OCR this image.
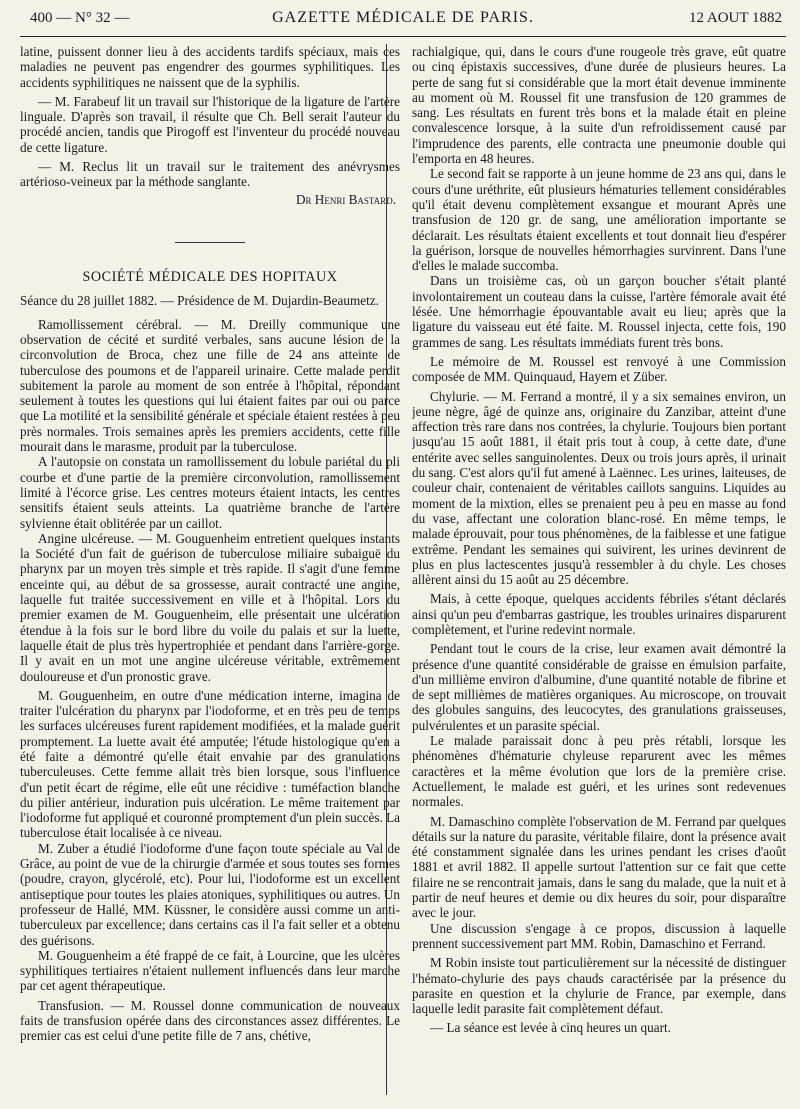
400 — N° 32 —	GAZETTE MÉDICALE DE PARIS.	12 AOUT 1882

latine, puissent donner lieu à des accidents tardifs spéciaux, mais ces maladies ne peuvent pas engendrer des gourmes syphilitiques. Les accidents syphilitiques ne naissent que de la syphilis.

— M. Farabeuf lit un travail sur l'historique de la ligature de l'artère linguale. D'après son travail, il résulte que Ch. Bell serait l'auteur du procédé ancien, tandis que Pirogoff est l'inventeur du procédé nouveau de cette ligature.

— M. Reclus lit un travail sur le traitement des anévrysmes artérioso-veineux par la méthode sanglante.

Dr Henri Bastard.
SOCIÉTÉ MÉDICALE DES HOPITAUX

Séance du 28 juillet 1882. — Présidence de M. Dujardin-Beaumetz.

Ramollissement cérébral. — M. Dreilly communique une observation de cécité et surdité verbales, sans aucune lésion de la circonvolution de Broca, chez une fille de 24 ans atteinte de tuberculose des poumons et de l'appareil urinaire. Cette malade perdit subitement la parole au moment de son entrée à l'hôpital, répondant seulement à toutes les questions qui lui étaient faites par oui ou parce que La motilité et la sensibilité générale et spéciale étaient restées à peu près normales. Trois semaines après les premiers accidents, cette fille mourait dans le marasme, produit par la tuberculose.

A l'autopsie on constata un ramollissement du lobule pariétal du pli courbe et d'une partie de la première circonvolution, ramollissement limité à l'écorce grise. Les centres moteurs étaient intacts, les centres sensitifs étaient seuls atteints. La quatrième branche de l'artère sylvienne était oblitérée par un caillot.

Angine ulcéreuse. — M. Gouguenheim entretient quelques instants la Société d'un fait de guérison de tuberculose miliaire subaiguë du pharynx par un moyen très simple et très rapide. Il s'agit d'une femme enceinte qui, au début de sa grossesse, aurait contracté une angine, laquelle fut traitée successivement en ville et à l'hôpital. Lors du premier examen de M. Gouguenheim, elle présentait une ulcération étendue à la fois sur le bord libre du voile du palais et sur la luette, laquelle était de plus très hypertrophiée et pendant dans l'arrière-gorge. Il y avait en un mot une angine ulcéreuse véritable, extrêmement douloureuse et d'un pronostic grave.

M. Gouguenheim, en outre d'une médication interne, imagina de traiter l'ulcération du pharynx par l'iodoforme, et en très peu de temps les surfaces ulcéreuses furent rapidement modifiées, et la malade guérit promptement. La luette avait été amputée; l'étude histologique qu'en a été faite a démontré qu'elle était envahie par des granulations tuberculeuses. Cette femme allait très bien lorsque, sous l'influence d'un petit écart de régime, elle eût une récidive : tuméfaction blanche du pilier antérieur, induration puis ulcération. Le même traitement par l'iodoforme fut appliqué et couronné promptement d'un plein succès. La tuberculose était localisée à ce niveau.

M. Zuber a étudié l'iodoforme d'une façon toute spéciale au Val de Grâce, au point de vue de la chirurgie d'armée et sous toutes ses formes (poudre, crayon, glycérolé, etc). Pour lui, l'iodoforme est un excellent antiseptique pour toutes les plaies atoniques, syphilitiques ou autres. Un professeur de Hallé, MM. Küssner, le considère aussi comme un anti-tuberculeux par excellence; dans certains cas il l'a fait seller et a obtenu des guérisons.

M. Gouguenheim a été frappé de ce fait, à Lourcine, que les ulcères syphilitiques tertiaires n'étaient nullement influencés dans leur marche par cet agent thérapeutique.

Transfusion. — M. Roussel donne communication de nouveaux faits de transfusion opérée dans des circonstances assez différentes. Le premier cas est celui d'une petite fille de 7 ans, chétive,

rachialgique, qui, dans le cours d'une rougeole très grave, eût quatre ou cinq épistaxis successives, d'une durée de plusieurs heures. La perte de sang fut si considérable que la mort était devenue imminente au moment où M. Roussel fit une transfusion de 120 grammes de sang. Les résultats en furent très bons et la malade était en pleine convalescence lorsque, à la suite d'un refroidissement causé par l'imprudence des parents, elle contracta une pneumonie double qui l'emporta en 48 heures.

Le second fait se rapporte à un jeune homme de 23 ans qui, dans le cours d'une uréthrite, eût plusieurs hématuries tellement considérables qu'il était devenu complètement exsangue et mourant Après une transfusion de 120 gr. de sang, une amélioration importante se déclarait. Les résultats étaient excellents et tout donnait lieu d'espérer la guérison, lorsque de nouvelles hémorrhagies survinrent. Dans l'une d'elles le malade succomba.

Dans un troisième cas, où un garçon boucher s'était planté involontairement un couteau dans la cuisse, l'artère fémorale avait été lésée. Une hémorrhagie épouvantable avait eu lieu; après que la ligature du vaisseau eut été faite. M. Roussel injecta, cette fois, 190 grammes de sang. Les résultats immédiats furent très bons.

Le mémoire de M. Roussel est renvoyé à une Commission composée de MM. Quinquaud, Hayem et Züber.

Chylurie. — M. Ferrand a montré, il y a six semaines environ, un jeune nègre, âgé de quinze ans, originaire du Zanzibar, atteint d'une affection très rare dans nos contrées, la chylurie. Toujours bien portant jusqu'au 15 août 1881, il était pris tout à coup, à cette date, d'une entérite avec selles sanguinolentes. Deux ou trois jours après, il urinait du sang. C'est alors qu'il fut amené à Laënnec. Les urines, laiteuses, de couleur chair, contenaient de véritables caillots sanguins. Liquides au moment de la mixtion, elles se prenaient peu à peu en masse au fond du vase, affectant une coloration blanc-rosé. En même temps, le malade éprouvait, pour tous phénomènes, de la faiblesse et une fatigue extrême. Pendant les semaines qui suivirent, les urines devinrent de plus en plus lactescentes jusqu'à ressembler à du chyle. Les choses allèrent ainsi du 15 août au 25 décembre.

Mais, à cette époque, quelques accidents fébriles s'étant déclarés ainsi qu'un peu d'embarras gastrique, les troubles urinaires disparurent complètement, et l'urine redevint normale.

Pendant tout le cours de la crise, leur examen avait démontré la présence d'une quantité considérable de graisse en émulsion parfaite, d'un millième environ d'albumine, d'une quantité notable de fibrine et de sept millièmes de matières organiques. Au microscope, on trouvait des globules sanguins, des leucocytes, des granulations graisseuses, pulvérulentes et un parasite spécial.

Le malade paraissait donc à peu près rétabli, lorsque les phénomènes d'hématurie chyleuse reparurent avec les mêmes caractères et la même évolution que lors de la première crise. Actuellement, le malade est guéri, et les urines sont redevenues normales.

M. Damaschino complète l'observation de M. Ferrand par quelques détails sur la nature du parasite, véritable filaire, dont la présence avait été constamment signalée dans les urines pendant les crises d'août 1881 et avril 1882. Il appelle surtout l'attention sur ce fait que cette filaire ne se rencontrait jamais, dans le sang du malade, que la nuit et à partir de neuf heures et demie ou dix heures du soir, pour disparaître avec le jour.

Une discussion s'engage à ce propos, discussion à laquelle prennent successivement part MM. Robin, Damaschino et Ferrand.

M Robin insiste tout particulièrement sur la nécessité de distinguer l'hémato-chylurie des pays chauds caractérisée par la présence du parasite en question et la chylurie de France, par exemple, dans laquelle ledit parasite fait complètement défaut.

— La séance est levée à cinq heures un quart.
